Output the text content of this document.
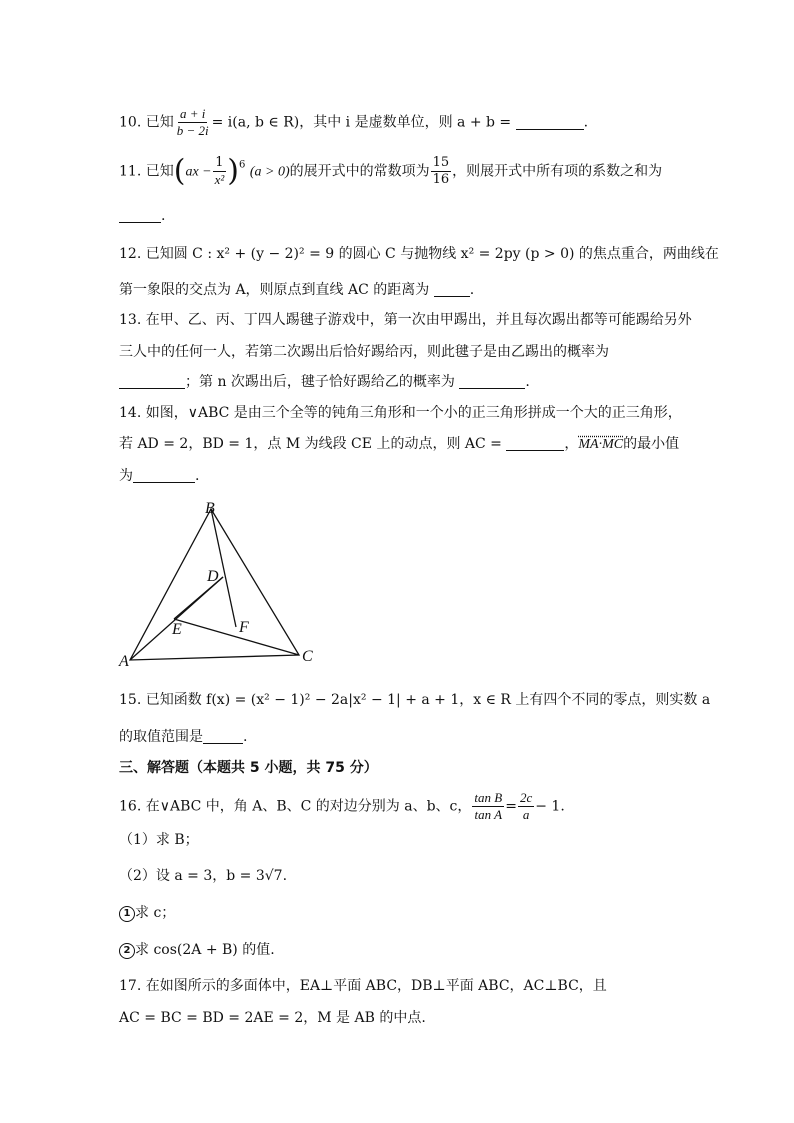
10. 已知 $\frac{a + i}{b - 2i} = i(a$, b ∈ R)，其中 i 是虚数单位，则 a + b =	.
11. 已知$(ax - \frac{1}{\text{x²}} )^6$ (a > 0)的展开式中的常数项为 $\frac{15}{16}$ ，则展开式中所有项的系数之和为
.
12. 已知圆 C : x² + (y − 2)² = 9 的圆心 C 与抛物线 x² = 2py (p > 0) 的焦点重合，两曲线在
第一象限的交点为 A，则原点到直线 AC 的距离为	.
13. 在甲、乙、丙、丁四人踢毽子游戏中，第一次由甲踢出，并且每次踢出都等可能踢给另外
三人中的任何一人，若第二次踢出后恰好踢给丙，则此毽子是由乙踢出的概率为
；第 n 次踢出后，毽子恰好踢给乙的概率为	.
14. 如图，∨ABC 是由三个全等的钝角三角形和一个小的正三角形拼成一个大的正三角形，
若 AD = 2，BD = 1，点 M 为线段 CE 上的动点，则 AC =	，MA·MC的最小值
为	.
B
D
E	F
A	C
15. 已知函数 f(x) = (x² − 1)² − 2a|x² − 1| + a + 1，x ∈ R 上有四个不同的零点，则实数 a
的取值范围是	.
三、解答题（本题共 5 小题，共 75 分）
16. 在∨ABC 中，角 A、B、C 的对边分别为 a、b、c， $\frac{\text{tan B}}{\text{tan A}} = \frac{2c}{a} - 1$.
（1）求 B；
（2）设 a = 3，b = 3√7.
1 求 c；
2 求 cos(2A + B) 的值.
17. 在如图所示的多面体中，EA⊥平面 ABC，DB⊥平面 ABC，AC⊥BC，且
AC = BC = BD = 2AE = 2，M 是 AB 的中点.
